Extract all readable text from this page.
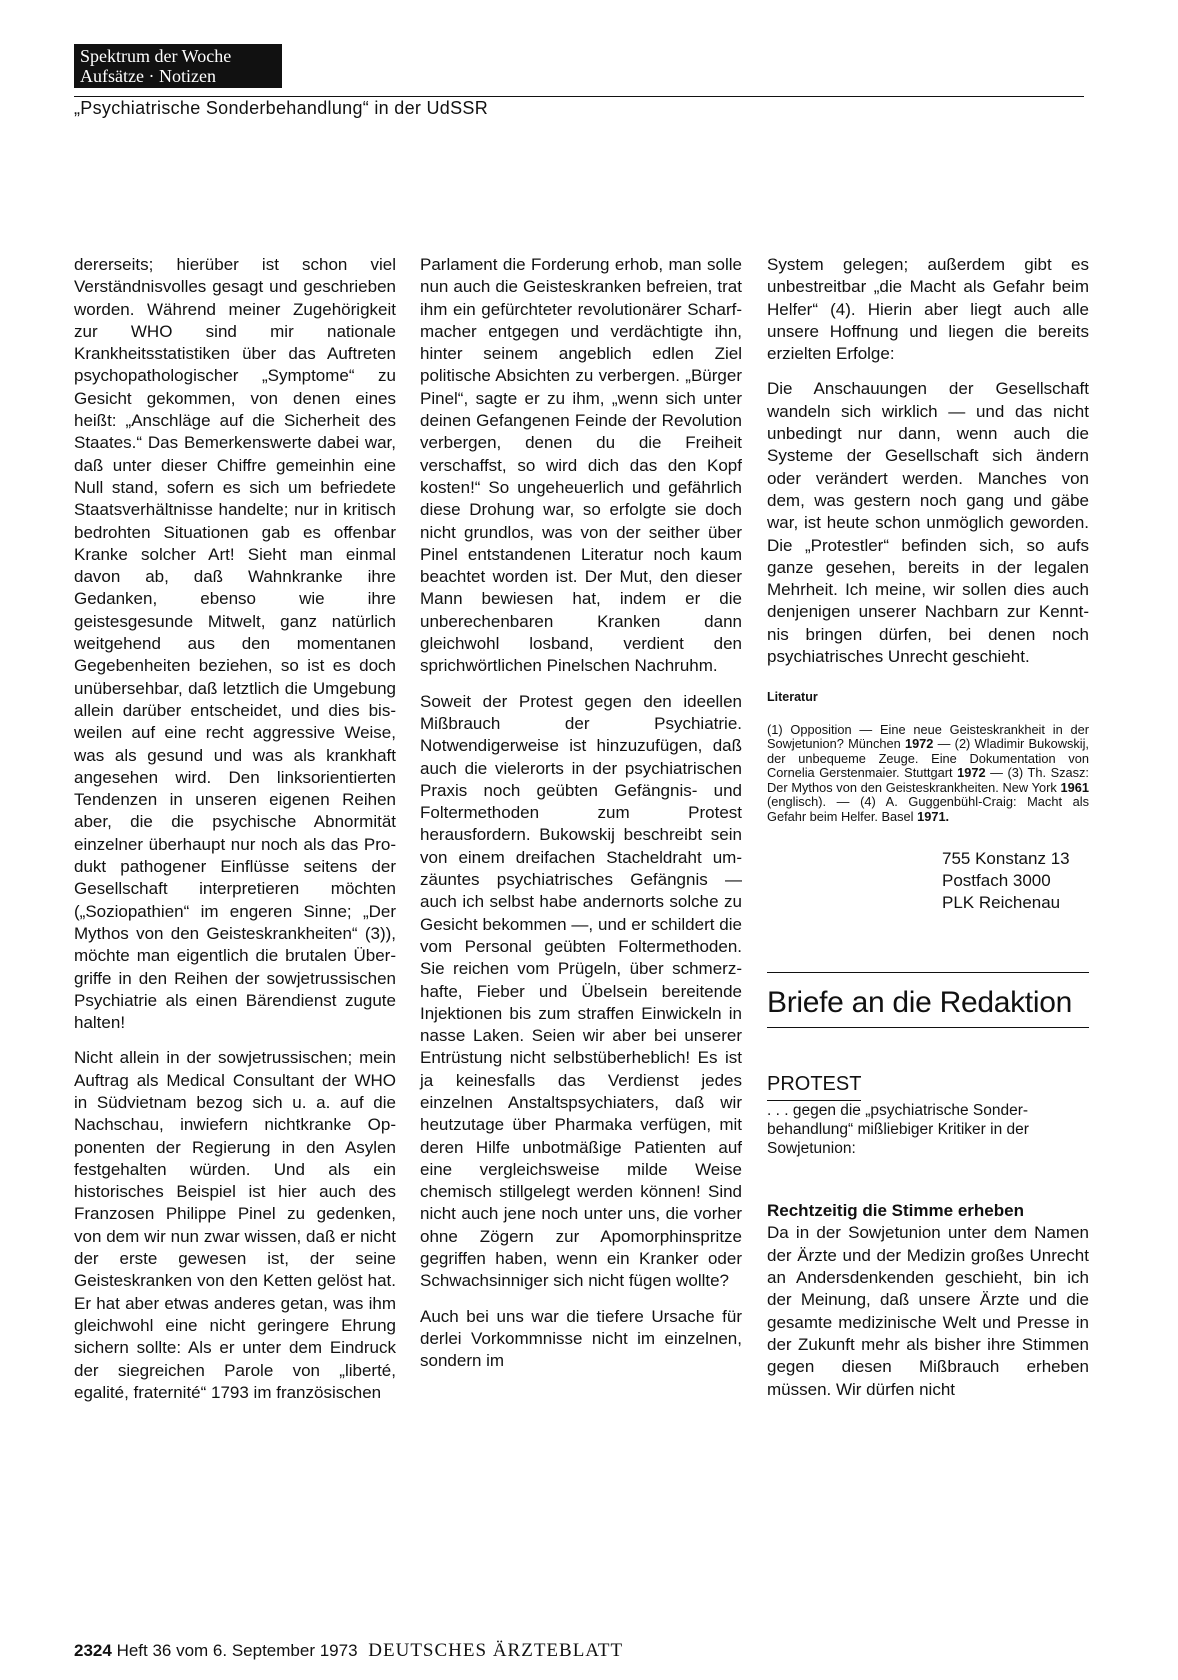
Spektrum der Woche
Aufsätze · Notizen
„Psychiatrische Sonderbehandlung“ in der UdSSR

dererseits; hierüber ist schon viel Verständnisvolles gesagt und geschrieben worden. Während meiner Zugehörigkeit zur WHO sind mir nationale Krankheitsstatistiken über das Auftreten psychopathologischer „Symptome“ zu Gesicht gekommen, von denen eines heißt: „Anschläge auf die Sicherheit des Staates.“ Das Bemerkenswerte dabei war, daß unter dieser Chiffre gemeinhin eine Null stand, sofern es sich um befriedete Staatsverhältnisse handelte; nur in kritisch bedrohten Situationen gab es offenbar Kranke solcher Art! Sieht man einmal davon ab, daß Wahnkranke ihre Gedanken, ebenso wie ihre geistesgesunde Mitwelt, ganz natürlich weitgehend aus den momentanen Gegebenheiten beziehen, so ist es doch unübersehbar, daß letztlich die Umgebung allein darüber entscheidet, und dies bisweilen auf eine recht aggressive Weise, was als gesund und was als krankhaft angesehen wird. Den linksorientierten Tendenzen in unseren eigenen Reihen aber, die die psychische Abnormität einzelner überhaupt nur noch als das Produkt pathogener Einflüsse seitens der Gesellschaft interpretieren möchten („Soziopathien“ im engeren Sinne; „Der Mythos von den Geisteskrankheiten“ (3)), möchte man eigentlich die brutalen Übergriffe in den Reihen der sowjetrussischen Psychiatrie als einen Bärendienst zugute halten!

Nicht allein in der sowjetrussischen; mein Auftrag als Medical Consultant der WHO in Südvietnam bezog sich u. a. auf die Nachschau, inwiefern nichtkranke Opponenten der Regierung in den Asylen festgehalten würden. Und als ein historisches Beispiel ist hier auch des Franzosen Philippe Pinel zu gedenken, von dem wir nun zwar wissen, daß er nicht der erste gewesen ist, der seine Geisteskranken von den Ketten gelöst hat. Er hat aber etwas anderes getan, was ihm gleichwohl eine nicht geringere Ehrung sichern sollte: Als er unter dem Eindruck der siegreichen Parole von „liberté, egalité, fraternité“ 1793 im französischen

Parlament die Forderung erhob, man solle nun auch die Geisteskranken befreien, trat ihm ein gefürchteter revolutionärer Scharfmacher entgegen und verdächtigte ihn, hinter seinem angeblich edlen Ziel politische Absichten zu verbergen. „Bürger Pinel“, sagte er zu ihm, „wenn sich unter deinen Gefangenen Feinde der Revolution verbergen, denen du die Freiheit verschaffst, so wird dich das den Kopf kosten!“ So ungeheuerlich und gefährlich diese Drohung war, so erfolgte sie doch nicht grundlos, was von der seither über Pinel entstandenen Literatur noch kaum beachtet worden ist. Der Mut, den dieser Mann bewiesen hat, indem er die unberechenbaren Kranken dann gleichwohl losband, verdient den sprichwörtlichen Pinelschen Nachruhm.

Soweit der Protest gegen den ideellen Mißbrauch der Psychiatrie. Notwendigerweise ist hinzuzufügen, daß auch die vielerorts in der psychiatrischen Praxis noch geübten Gefängnis- und Foltermethoden zum Protest herausfordern. Bukowskij beschreibt sein von einem dreifachen Stacheldraht umzäuntes psychiatrisches Gefängnis — auch ich selbst habe andernorts solche zu Gesicht bekommen —, und er schildert die vom Personal geübten Foltermethoden. Sie reichen vom Prügeln, über schmerzhafte, Fieber und Übelsein bereitende Injektionen bis zum straffen Einwickeln in nasse Laken. Seien wir aber bei unserer Entrüstung nicht selbstüberheblich! Es ist ja keinesfalls das Verdienst jedes einzelnen Anstaltspsychiaters, daß wir heutzutage über Pharmaka verfügen, mit deren Hilfe unbotmäßige Patienten auf eine vergleichsweise milde Weise chemisch stillgelegt werden können! Sind nicht auch jene noch unter uns, die vorher ohne Zögern zur Apomorphinspritze gegriffen haben, wenn ein Kranker oder Schwachsinniger sich nicht fügen wollte?

Auch bei uns war die tiefere Ursache für derlei Vorkommnisse nicht im einzelnen, sondern im

System gelegen; außerdem gibt es unbestreitbar „die Macht als Gefahr beim Helfer“ (4). Hierin aber liegt auch alle unsere Hoffnung und liegen die bereits erzielten Erfolge:

Die Anschauungen der Gesellschaft wandeln sich wirklich — und das nicht unbedingt nur dann, wenn auch die Systeme der Gesellschaft sich ändern oder verändert werden. Manches von dem, was gestern noch gang und gäbe war, ist heute schon unmöglich geworden. Die „Protestler“ befinden sich, so aufs ganze gesehen, bereits in der legalen Mehrheit. Ich meine, wir sollen dies auch denjenigen unserer Nachbarn zur Kenntnis bringen dürfen, bei denen noch psychiatrisches Unrecht geschieht.

Literatur

(1) Opposition — Eine neue Geisteskrankheit in der Sowjetunion? München 1972 — (2) Wladimir Bukowskij, der unbequeme Zeuge. Eine Dokumentation von Cornelia Gerstenmaier. Stuttgart 1972 — (3) Th. Szasz: Der Mythos von den Geisteskrankheiten. New York 1961 (englisch). — (4) A. Guggenbühl-Craig: Macht als Gefahr beim Helfer. Basel 1971.

755 Konstanz 13
Postfach 3000
PLK Reichenau
Briefe an die Redaktion
PROTEST

. . . gegen die „psychiatrische Sonderbehandlung“ mißliebiger Kritiker in der Sowjetunion:

Rechtzeitig die Stimme erheben

Da in der Sowjetunion unter dem Namen der Ärzte und der Medizin großes Unrecht an Andersdenkenden geschieht, bin ich der Meinung, daß unsere Ärzte und die gesamte medizinische Welt und Presse in der Zukunft mehr als bisher ihre Stimmen gegen diesen Mißbrauch erheben müssen. Wir dürfen nicht

2324 Heft 36 vom 6. September 1973 DEUTSCHES ÄRZTEBLATT
